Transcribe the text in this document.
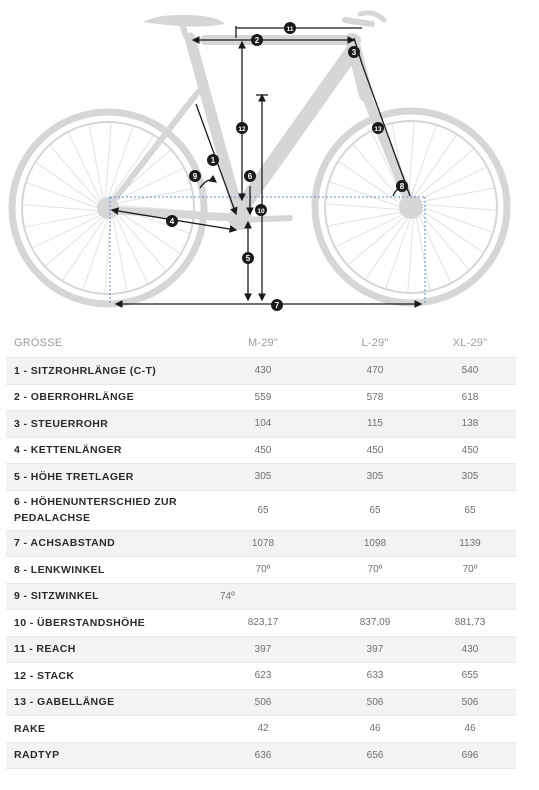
1
2
3
4
5
6
7
8
9
10
11
12	13
GRÖSSE	M-29"	L-29"	XL-29"
1 - SITZROHRLÄNGE (C-T)	430	470	540
2 - OBERROHRLÄNGE	559	578	618
3 - STEUERROHR	104	115	138
4 - KETTENLÄNGER	450	450	450
5 - HÖHE TRETLAGER	305	305	305
6 - HÖHENUNTERSCHIED ZUR PEDALACHSE	65	65	65
7 - ACHSABSTAND	1078	1098	1139
8 - LENKWINKEL	70º	70º	70º
9 - SITZWINKEL	74º		
10 - ÜBERSTANDSHÖHE	823,17	837,09	881,73
11 - REACH	397	397	430
12 - STACK	623	633	655
13 - GABELLÄNGE	506	506	506
RAKE	42	46	46
RADTYP	636	656	696
